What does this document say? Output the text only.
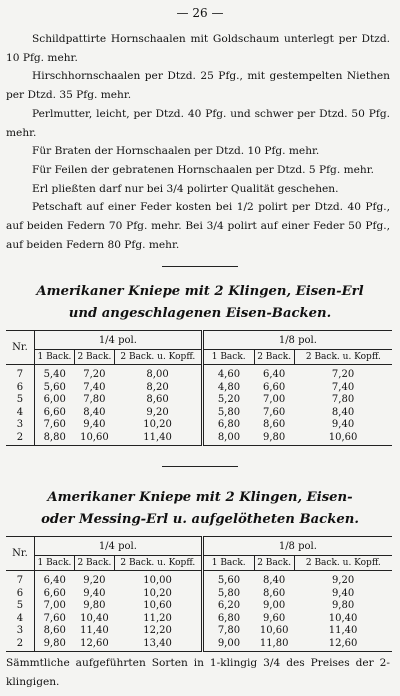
— 26 —

Schildpattirte Hornschaalen mit Goldschaum unterlegt per Dtzd. 10 Pfg. mehr.

Hirschhornschaalen per Dtzd. 25 Pfg., mit gestempelten Niethen per Dtzd. 35 Pfg. mehr.

Perlmutter, leicht, per Dtzd. 40 Pfg. und schwer per Dtzd. 50 Pfg. mehr.

Für Braten der Hornschaalen per Dtzd. 10 Pfg. mehr.

Für Feilen der gebratenen Hornschaalen per Dtzd. 5 Pfg. mehr.

Erl pließten darf nur bei 3/4 polirter Qualität geschehen.

Petschaft auf einer Feder kosten bei 1/2 polirt per Dtzd. 40 Pfg., auf beiden Federn 70 Pfg. mehr. Bei 3/4 polirt auf einer Feder 50 Pfg., auf beiden Federn 80 Pfg. mehr.

Amerikaner Kniepe mit 2 Klingen, Eisen-Erl
und angeschlagenen Eisen-Backen.
Nr.	1/4 pol.			1/8 pol.		
	1 Back.	2 Back.	2 Back. u. Kopff.	1 Back.	2 Back.	2 Back. u. Kopff.
7	5,40	7,20	8,00	4,60	6,40	7,20
6	5,60	7,40	8,20	4,80	6,60	7,40
5	6,00	7,80	8,60	5,20	7,00	7,80
4	6,60	8,40	9,20	5,80	7,60	8,40
3	7,60	9,40	10,20	6,80	8,60	9,40
2	8,80	10,60	11,40	8,00	9,80	10,60
Amerikaner Kniepe mit 2 Klingen, Eisen-
oder Messing-Erl u. aufgelötheten Backen.
Nr.	1/4 pol.			1/8 pol.		
	1 Back.	2 Back.	2 Back. u. Kopff.	1 Back.	2 Back.	2 Back. u. Kopff.
7	6,40	9,20	10,00	5,60	8,40	9,20
6	6,60	9,40	10,20	5,80	8,60	9,40
5	7,00	9,80	10,60	6,20	9,00	9,80
4	7,60	10,40	11,20	6,80	9,60	10,40
3	8,60	11,40	12,20	7,80	10,60	11,40
2	9,80	12,60	13,40	9,00	11,80	12,60

Sämmtliche aufgeführten Sorten in 1-klingig 3/4 des Preises der 2-klingigen.
